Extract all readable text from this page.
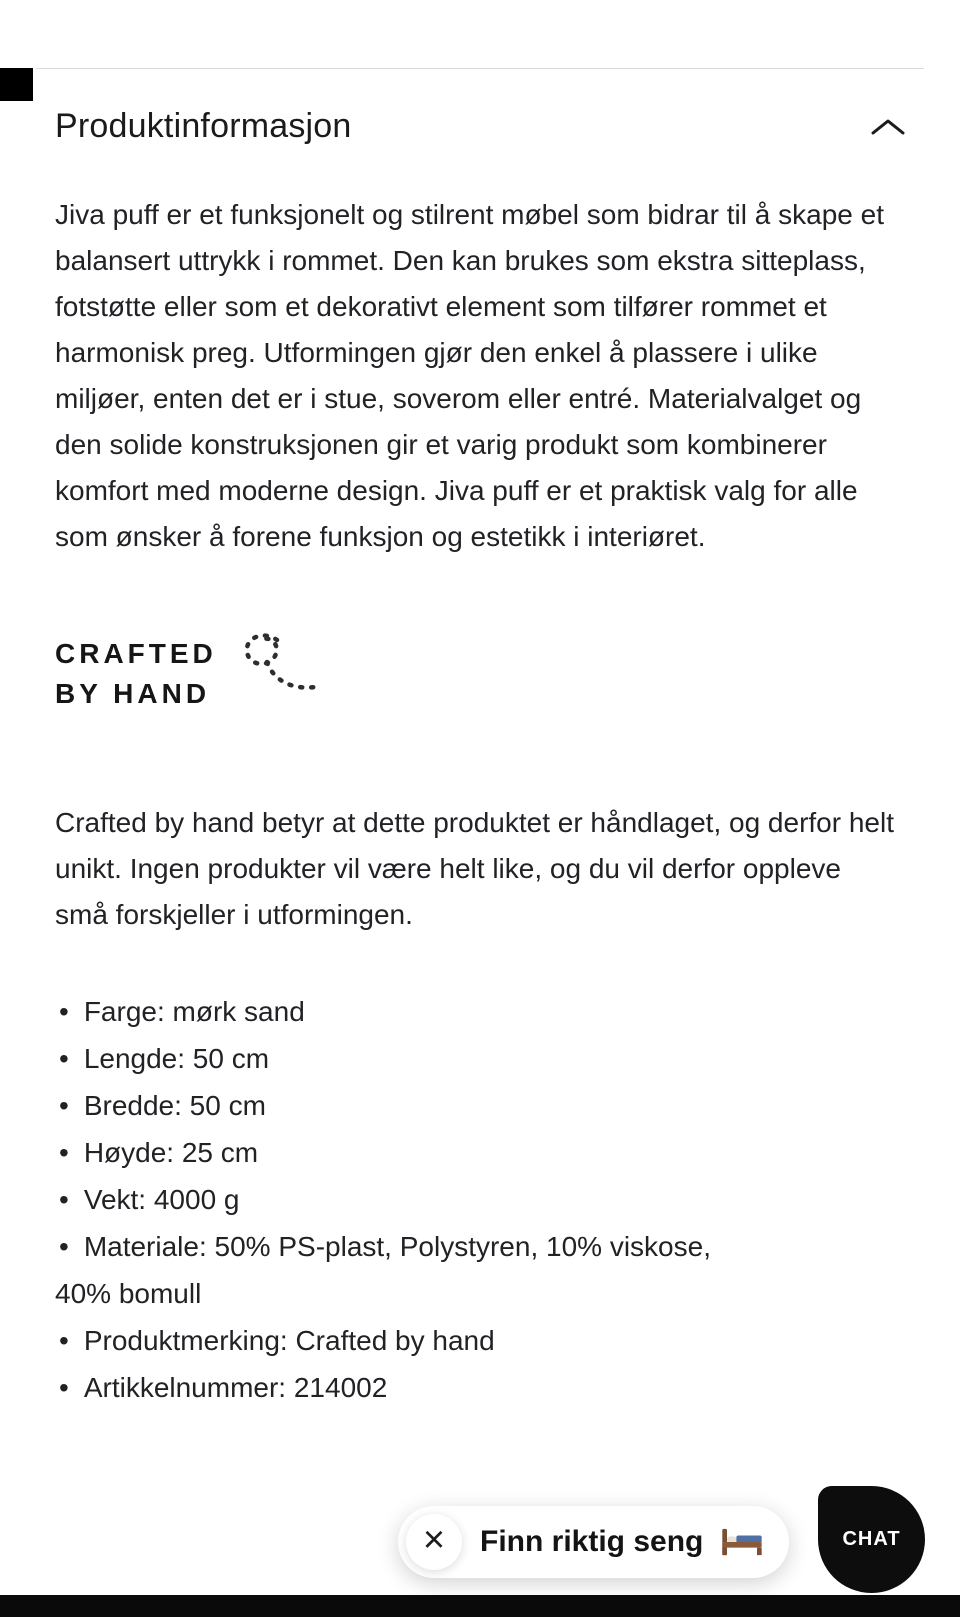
Produktinformasjon

Jiva puff er et funksjonelt og stilrent møbel som bidrar til å skape et balansert uttrykk i rommet. Den kan brukes som ekstra sitteplass, fotstøtte eller som et dekorativt element som tilfører rommet et harmonisk preg. Utformingen gjør den enkel å plassere i ulike miljøer, enten det er i stue, soverom eller entré. Materialvalget og den solide konstruksjonen gir et varig produkt som kombinerer komfort med moderne design. Jiva puff er et praktisk valg for alle som ønsker å forene funksjon og estetikk i interiøret.

CRAFTED
BY HAND

Crafted by hand betyr at dette produktet er håndlaget, og derfor helt unikt. Ingen produkter vil være helt like, og du vil derfor oppleve små forskjeller i utformingen.

• Farge: mørk sand
• Lengde: 50 cm
• Bredde: 50 cm
• Høyde: 25 cm
• Vekt: 4000 g
• Materiale: 50% PS-plast, Polystyren, 10% viskose, 40% bomull
• Produktmerking: Crafted by hand
• Artikkelnummer: 214002
× Finn riktig seng	CHAT
